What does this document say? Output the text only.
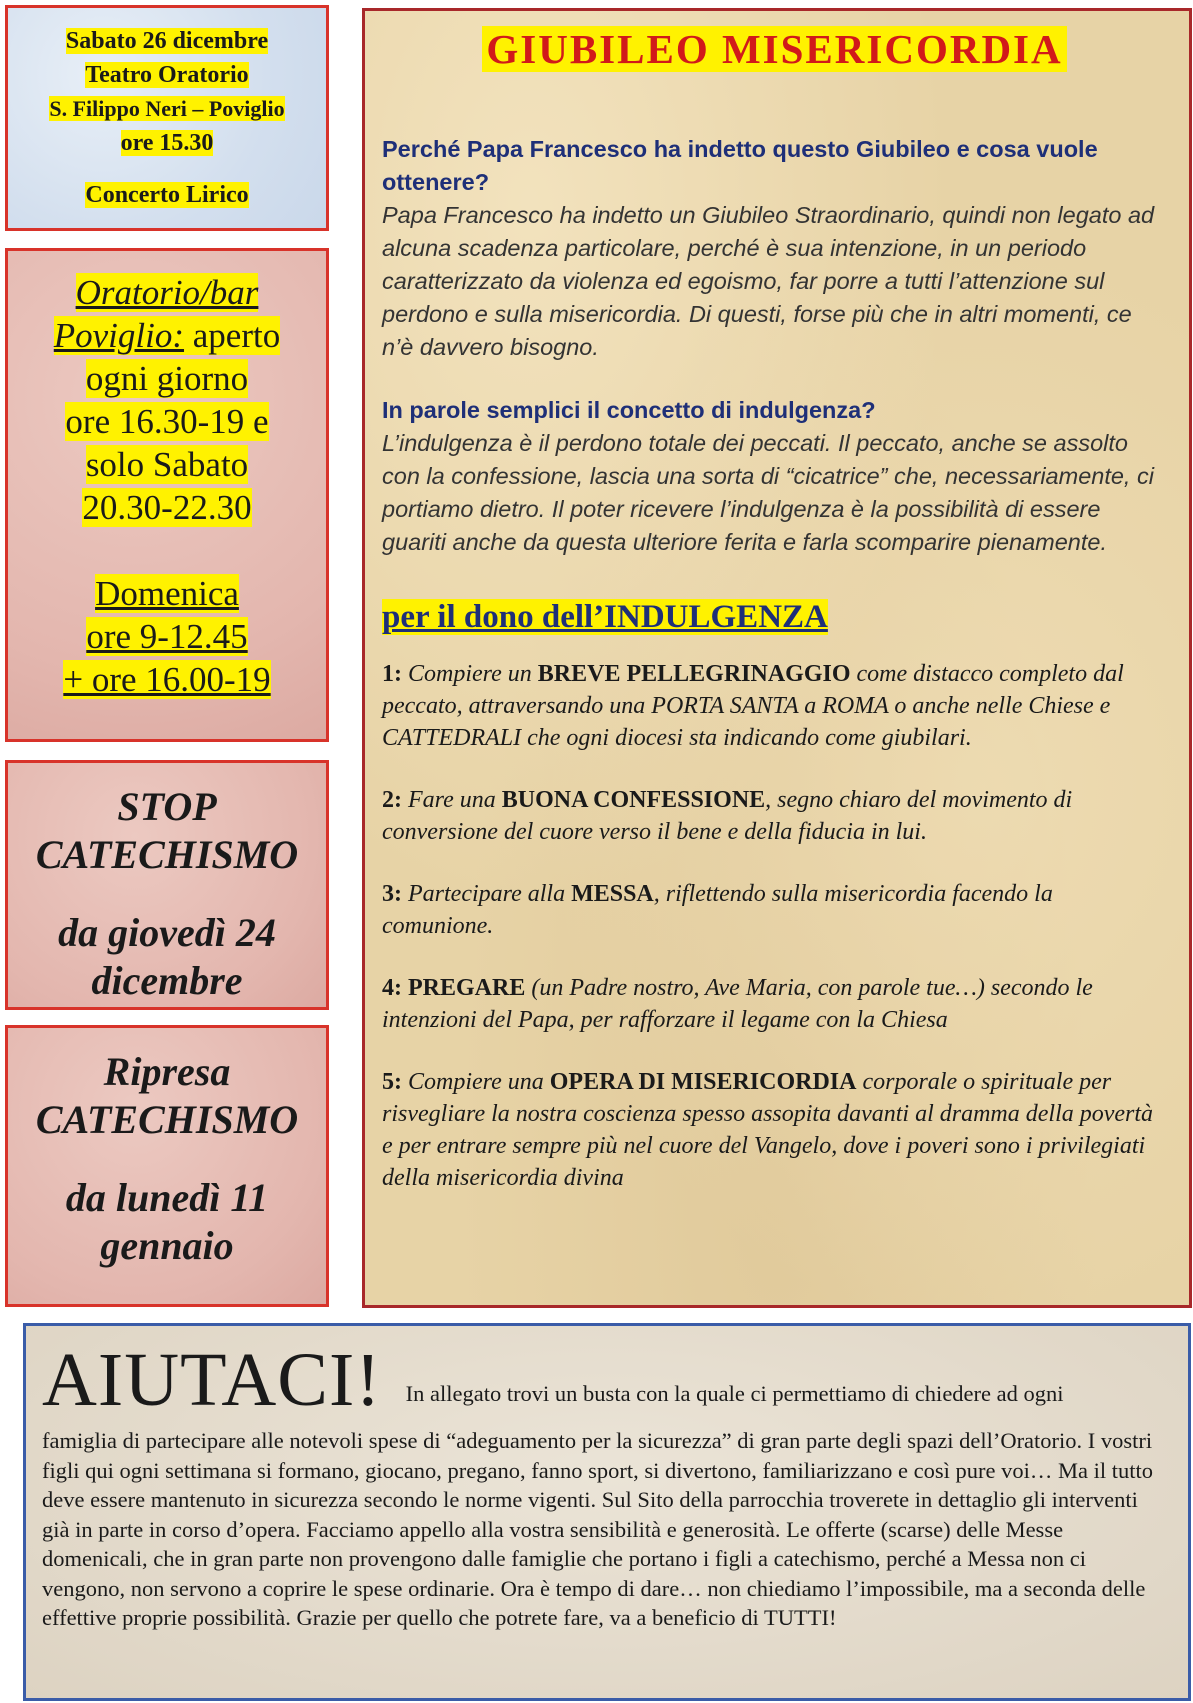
Sabato 26 dicembre
Teatro Oratorio
S. Filippo Neri – Poviglio
ore 15.30
Concerto Lirico
Oratorio/bar
Poviglio: aperto
ogni giorno
ore 16.30-19 e
solo Sabato
20.30-22.30
Domenica
ore 9-12.45
+ ore 16.00-19
STOP
CATECHISMO
da giovedì 24
dicembre
Ripresa
CATECHISMO
da lunedì 11
gennaio
GIUBILEO MISERICORDIA
Perché Papa Francesco ha indetto questo Giubileo e cosa vuole ottenere?
Papa Francesco ha indetto un Giubileo Straordinario, quindi non legato ad alcuna scadenza particolare, perché è sua intenzione, in un periodo caratterizzato da violenza ed egoismo, far porre a tutti l’attenzione sul perdono e sulla misericordia. Di questi, forse più che in altri momenti, ce n’è davvero bisogno.
In parole semplici il concetto di indulgenza?
L’indulgenza è il perdono totale dei peccati. Il peccato, anche se assolto con la confessione, lascia una sorta di “cicatrice” che, necessariamente, ci portiamo dietro. Il poter ricevere l’indulgenza è la possibilità di essere guariti anche da questa ulteriore ferita e farla scomparire pienamente.
per il dono dell’INDULGENZA
1: Compiere un BREVE PELLEGRINAGGIO come distacco completo dal peccato, attraversando una PORTA SANTA a ROMA o anche nelle Chiese e CATTEDRALI che ogni diocesi sta indicando come giubilari.
2: Fare una BUONA CONFESSIONE, segno chiaro del movimento di conversione del cuore verso il bene e della fiducia in lui.
3: Partecipare alla MESSA, riflettendo sulla misericordia facendo la comunione.
4: PREGARE (un Padre nostro, Ave Maria, con parole tue…) secondo le intenzioni del Papa, per rafforzare il legame con la Chiesa
5: Compiere una OPERA DI MISERICORDIA corporale o spirituale per risvegliare la nostra coscienza spesso assopita davanti al dramma della povertà e per entrare sempre più nel cuore del Vangelo, dove i poveri sono i privilegiati della misericordia divina
AIUTACI! In allegato trovi un busta con la quale ci permettiamo di chiedere ad ogni
famiglia di partecipare alle notevoli spese di “adeguamento per la sicurezza” di gran parte degli spazi dell’Oratorio. I vostri figli qui ogni settimana si formano, giocano, pregano, fanno sport, si divertono, familiarizzano e così pure voi… Ma il tutto deve essere mantenuto in sicurezza secondo le norme vigenti. Sul Sito della parrocchia troverete in dettaglio gli interventi già in parte in corso d’opera. Facciamo appello alla vostra sensibilità e generosità. Le offerte (scarse) delle Messe domenicali, che in gran parte non provengono dalle famiglie che portano i figli a catechismo, perché a Messa non ci vengono, non servono a coprire le spese ordinarie. Ora è tempo di dare… non chiediamo l’impossibile, ma a seconda delle effettive proprie possibilità. Grazie per quello che potrete fare, va a beneficio di TUTTI!
